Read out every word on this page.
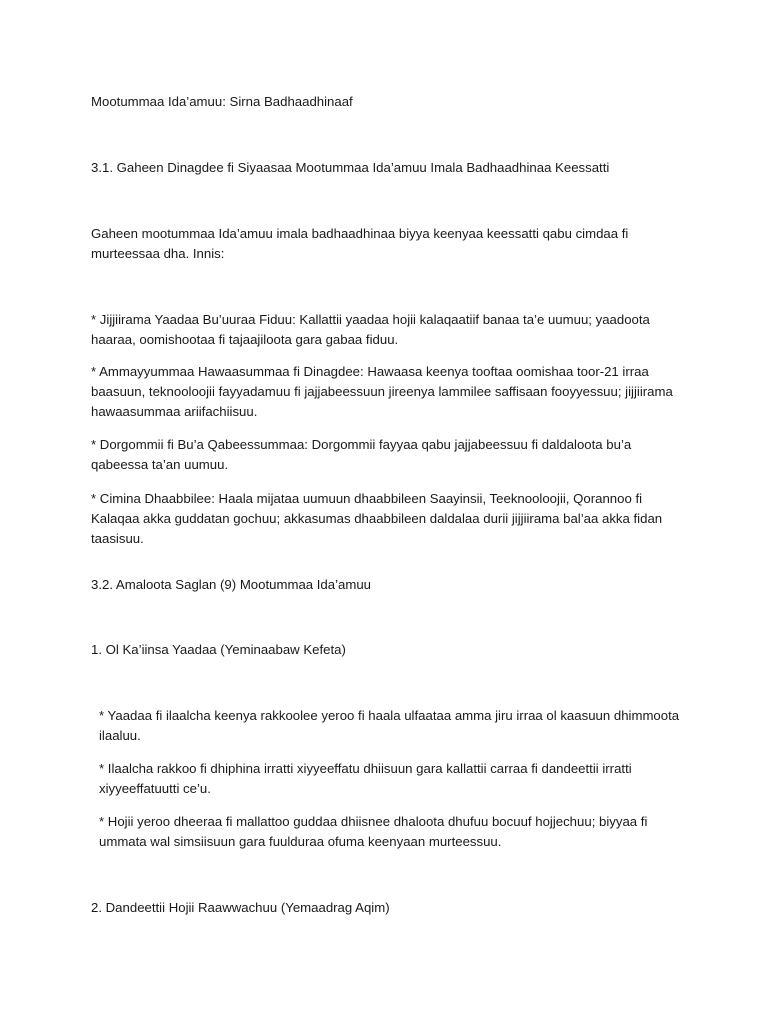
Mootummaa Ida’amuu: Sirna Badhaadhinaaf

3.1. Gaheen Dinagdee fi Siyaasaa Mootummaa Ida’amuu Imala Badhaadhinaa Keessatti

Gaheen mootummaa Ida’amuu imala badhaadhinaa biyya keenyaa keessatti qabu cimdaa fi murteessaa dha. Innis:

* Jijjiirama Yaadaa Bu’uuraa Fiduu: Kallattii yaadaa hojii kalaqaatiif banaa ta’e uumuu; yaadoota haaraa, oomishootaa fi tajaajiloota gara gabaa fiduu.

* Ammayyummaa Hawaasummaa fi Dinagdee: Hawaasa keenya tooftaa oomishaa toor-21 irraa baasuun, teknooloojii fayyadamuu fi jajjabeessuun jireenya lammilee saffisaan fooyyessuu; jijjiirama hawaasummaa ariifachiisuu.

* Dorgommii fi Bu’a Qabeessummaa: Dorgommii fayyaa qabu jajjabeessuu fi daldaloota bu’a qabeessa ta’an uumuu.

* Cimina Dhaabbilee: Haala mijataa uumuun dhaabbileen Saayinsii, Teeknooloojii, Qorannoo fi Kalaqaa akka guddatan gochuu; akkasumas dhaabbileen daldalaa durii jijjiirama bal’aa akka fidan taasisuu.

3.2. Amaloota Saglan (9) Mootummaa Ida’amuu

1. Ol Ka’iinsa Yaadaa (Yeminaabaw Kefeta)

* Yaadaa fi ilaalcha keenya rakkoolee yeroo fi haala ulfaataa amma jiru irraa ol kaasuun dhimmoota ilaaluu.

* Ilaalcha rakkoo fi dhiphina irratti xiyyeeffatu dhiisuun gara kallattii carraa fi dandeettii irratti xiyyeeffatuutti ce’u.

* Hojii yeroo dheeraa fi mallattoo guddaa dhiisnee dhaloota dhufuu bocuuf hojjechuu; biyyaa fi ummata wal simsiisuun gara fuulduraa ofuma keenyaan murteessuu.

2. Dandeettii Hojii Raawwachuu (Yemaadrag Aqim)
